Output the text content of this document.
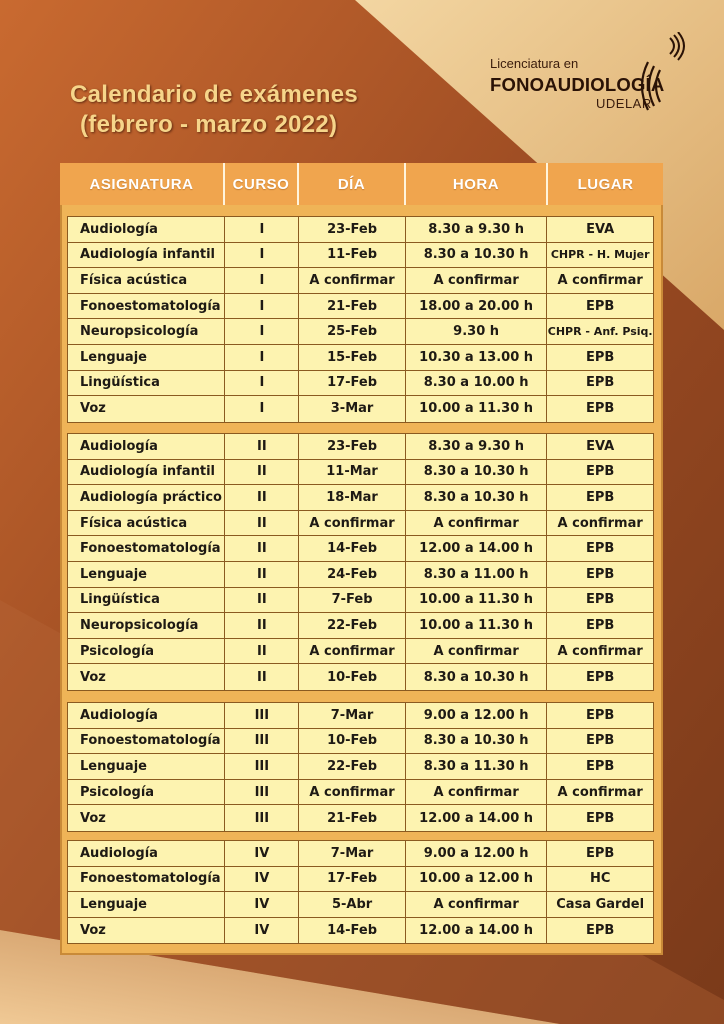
Calendario de exámenes
(febrero - marzo 2022)
Licenciatura en
FONOAUDIOLOGÍA
UDELAR
ASIGNATURA	CURSO	DÍA	HORA	LUGAR
Audiología	I	23-Feb	8.30 a 9.30 h	EVA
Audiología infantil	I	11-Feb	8.30 a 10.30 h	CHPR - H. Mujer
Física acústica	I	A confirmar	A confirmar	A confirmar
Fonoestomatología	I	21-Feb	18.00 a 20.00 h	EPB
Neuropsicología	I	25-Feb	9.30 h	CHPR - Anf. Psiq.
Lenguaje	I	15-Feb	10.30 a 13.00 h	EPB
Lingüística	I	17-Feb	8.30 a 10.00 h	EPB
Voz	I	3-Mar	10.00 a 11.30 h	EPB
Audiología	II	23-Feb	8.30 a 9.30 h	EVA
Audiología infantil	II	11-Mar	8.30 a 10.30 h	EPB
Audiología práctico	II	18-Mar	8.30 a 10.30 h	EPB
Física acústica	II	A confirmar	A confirmar	A confirmar
Fonoestomatología	II	14-Feb	12.00 a 14.00 h	EPB
Lenguaje	II	24-Feb	8.30 a 11.00 h	EPB
Lingüística	II	7-Feb	10.00 a 11.30 h	EPB
Neuropsicología	II	22-Feb	10.00 a 11.30 h	EPB
Psicología	II	A confirmar	A confirmar	A confirmar
Voz	II	10-Feb	8.30 a 10.30 h	EPB
Audiología	III	7-Mar	9.00 a 12.00 h	EPB
Fonoestomatología	III	10-Feb	8.30 a 10.30 h	EPB
Lenguaje	III	22-Feb	8.30 a 11.30 h	EPB
Psicología	III	A confirmar	A confirmar	A confirmar
Voz	III	21-Feb	12.00 a 14.00 h	EPB
Audiología	IV	7-Mar	9.00 a 12.00 h	EPB
Fonoestomatología	IV	17-Feb	10.00 a 12.00 h	HC
Lenguaje	IV	5-Abr	A confirmar	Casa Gardel
Voz	IV	14-Feb	12.00 a 14.00 h	EPB
